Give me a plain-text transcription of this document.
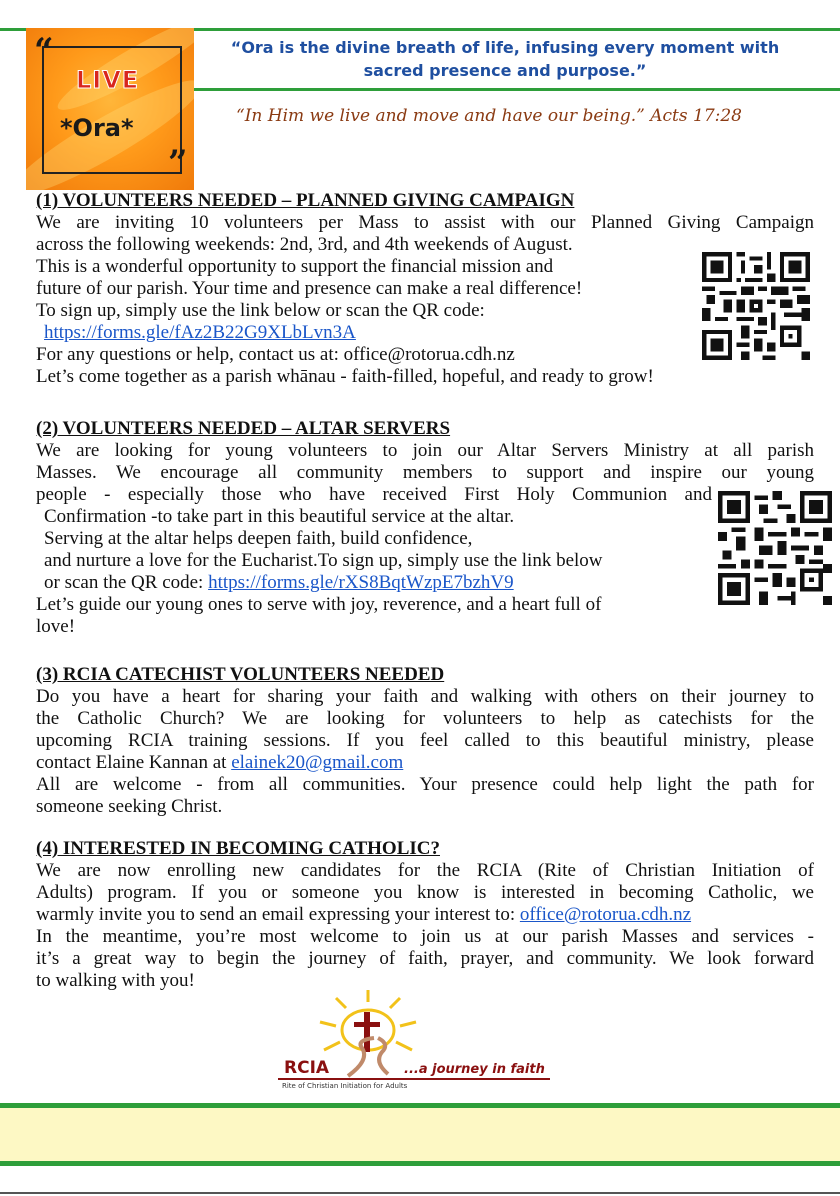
“
LIVE
*Ora*
”
“Ora is the divine breath of life, infusing every moment with sacred presence and purpose.”
“In Him we live and move and have our being.” Acts 17:28
(1) VOLUNTEERS NEEDED – PLANNED GIVING CAMPAIGN

We are inviting 10 volunteers per Mass to assist with our Planned Giving Campaign

across the following weekends: 2nd, 3rd, and 4th weekends of August.

This is a wonderful opportunity to support the financial mission and

future of our parish. Your time and presence can make a real difference!

To sign up, simply use the link below or scan the QR code:

https://forms.gle/fAz2B22G9XLbLvn3A

For any questions or help, contact us at: office@rotorua.cdh.nz

Let’s come together as a parish whānau - faith-filled, hopeful, and ready to grow!

(2) VOLUNTEERS NEEDED – ALTAR SERVERS

We are looking for young volunteers to join our Altar Servers Ministry at all parish

Masses. We encourage all community members to support and inspire our young

people - especially those who have received First Holy Communion and

Confirmation -to take part in this beautiful service at the altar.

Serving at the altar helps deepen faith, build confidence,

and nurture a love for the Eucharist.To sign up, simply use the link below

or scan the QR code: https://forms.gle/rXS8BqtWzpE7bzhV9

Let’s guide our young ones to serve with joy, reverence, and a heart full of

love!

(3) RCIA CATECHIST VOLUNTEERS NEEDED

Do you have a heart for sharing your faith and walking with others on their journey to

the Catholic Church? We are looking for volunteers to help as catechists for the

upcoming RCIA training sessions. If you feel called to this beautiful ministry, please

contact Elaine Kannan at elainek20@gmail.com

All are welcome - from all communities. Your presence could help light the path for

someone seeking Christ.

(4) INTERESTED IN BECOMING CATHOLIC?

We are now enrolling new candidates for the RCIA (Rite of Christian Initiation of

Adults) program. If you or someone you know is interested in becoming Catholic, we

warmly invite you to send an email expressing your interest to: office@rotorua.cdh.nz

In the meantime, you’re most welcome to join us at our parish Masses and services -

it’s a great way to begin the journey of faith, prayer, and community. We look forward

to walking with you!

RCIA	...a journey in faith
Rite of Christian Initiation for Adults
